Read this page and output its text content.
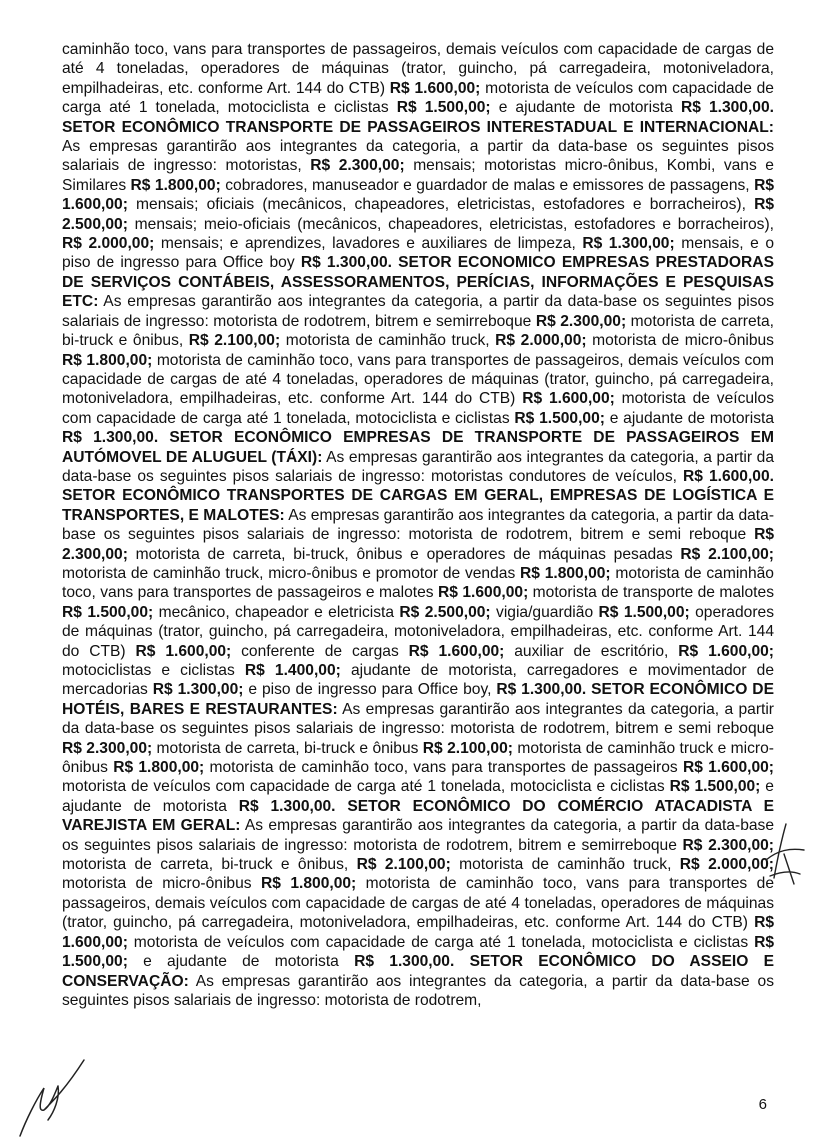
caminhão toco, vans para transportes de passageiros, demais veículos com capacidade de cargas de até 4 toneladas, operadores de máquinas (trator, guincho, pá carregadeira, motoniveladora, empilhadeiras, etc. conforme Art. 144 do CTB) R$ 1.600,00; motorista de veículos com capacidade de carga até 1 tonelada, motociclista e ciclistas R$ 1.500,00; e ajudante de motorista R$ 1.300,00. SETOR ECONÔMICO TRANSPORTE DE PASSAGEIROS INTERESTADUAL E INTERNACIONAL: As empresas garantirão aos integrantes da categoria, a partir da data-base os seguintes pisos salariais de ingresso: motoristas, R$ 2.300,00; mensais; motoristas micro-ônibus, Kombi, vans e Similares R$ 1.800,00; cobradores, manuseador e guardador de malas e emissores de passagens, R$ 1.600,00; mensais; oficiais (mecânicos, chapeadores, eletricistas, estofadores e borracheiros), R$ 2.500,00; mensais; meio-oficiais (mecânicos, chapeadores, eletricistas, estofadores e borracheiros), R$ 2.000,00; mensais; e aprendizes, lavadores e auxiliares de limpeza, R$ 1.300,00; mensais, e o piso de ingresso para Office boy R$ 1.300,00. SETOR ECONOMICO EMPRESAS PRESTADORAS DE SERVIÇOS CONTÁBEIS, ASSESSORAMENTOS, PERÍCIAS, INFORMAÇÕES E PESQUISAS ETC: As empresas garantirão aos integrantes da categoria, a partir da data-base os seguintes pisos salariais de ingresso: motorista de rodotrem, bitrem e semirreboque R$ 2.300,00; motorista de carreta, bi-truck e ônibus, R$ 2.100,00; motorista de caminhão truck, R$ 2.000,00; motorista de micro-ônibus R$ 1.800,00; motorista de caminhão toco, vans para transportes de passageiros, demais veículos com capacidade de cargas de até 4 toneladas, operadores de máquinas (trator, guincho, pá carregadeira, motoniveladora, empilhadeiras, etc. conforme Art. 144 do CTB) R$ 1.600,00; motorista de veículos com capacidade de carga até 1 tonelada, motociclista e ciclistas R$ 1.500,00; e ajudante de motorista R$ 1.300,00. SETOR ECONÔMICO EMPRESAS DE TRANSPORTE DE PASSAGEIROS EM AUTÓMOVEL DE ALUGUEL (TÁXI): As empresas garantirão aos integrantes da categoria, a partir da data-base os seguintes pisos salariais de ingresso: motoristas condutores de veículos, R$ 1.600,00. SETOR ECONÔMICO TRANSPORTES DE CARGAS EM GERAL, EMPRESAS DE LOGÍSTICA E TRANSPORTES, E MALOTES: As empresas garantirão aos integrantes da categoria, a partir da data-base os seguintes pisos salariais de ingresso: motorista de rodotrem, bitrem e semi reboque R$ 2.300,00; motorista de carreta, bi-truck, ônibus e operadores de máquinas pesadas R$ 2.100,00; motorista de caminhão truck, micro-ônibus e promotor de vendas R$ 1.800,00; motorista de caminhão toco, vans para transportes de passageiros e malotes R$ 1.600,00; motorista de transporte de malotes R$ 1.500,00; mecânico, chapeador e eletricista R$ 2.500,00; vigia/guardião R$ 1.500,00; operadores de máquinas (trator, guincho, pá carregadeira, motoniveladora, empilhadeiras, etc. conforme Art. 144 do CTB) R$ 1.600,00; conferente de cargas R$ 1.600,00; auxiliar de escritório, R$ 1.600,00; motociclistas e ciclistas R$ 1.400,00; ajudante de motorista, carregadores e movimentador de mercadorias R$ 1.300,00; e piso de ingresso para Office boy, R$ 1.300,00. SETOR ECONÔMICO DE HOTÉIS, BARES E RESTAURANTES: As empresas garantirão aos integrantes da categoria, a partir da data-base os seguintes pisos salariais de ingresso: motorista de rodotrem, bitrem e semi reboque R$ 2.300,00; motorista de carreta, bi-truck e ônibus R$ 2.100,00; motorista de caminhão truck e micro-ônibus R$ 1.800,00; motorista de caminhão toco, vans para transportes de passageiros R$ 1.600,00; motorista de veículos com capacidade de carga até 1 tonelada, motociclista e ciclistas R$ 1.500,00; e ajudante de motorista R$ 1.300,00. SETOR ECONÔMICO DO COMÉRCIO ATACADISTA E VAREJISTA EM GERAL: As empresas garantirão aos integrantes da categoria, a partir da data-base os seguintes pisos salariais de ingresso: motorista de rodotrem, bitrem e semirreboque R$ 2.300,00; motorista de carreta, bi-truck e ônibus, R$ 2.100,00; motorista de caminhão truck, R$ 2.000,00; motorista de micro-ônibus R$ 1.800,00; motorista de caminhão toco, vans para transportes de passageiros, demais veículos com capacidade de cargas de até 4 toneladas, operadores de máquinas (trator, guincho, pá carregadeira, motoniveladora, empilhadeiras, etc. conforme Art. 144 do CTB) R$ 1.600,00; motorista de veículos com capacidade de carga até 1 tonelada, motociclista e ciclistas R$ 1.500,00; e ajudante de motorista R$ 1.300,00. SETOR ECONÔMICO DO ASSEIO E CONSERVAÇÃO: As empresas garantirão aos integrantes da categoria, a partir da data-base os seguintes pisos salariais de ingresso: motorista de rodotrem,
6
